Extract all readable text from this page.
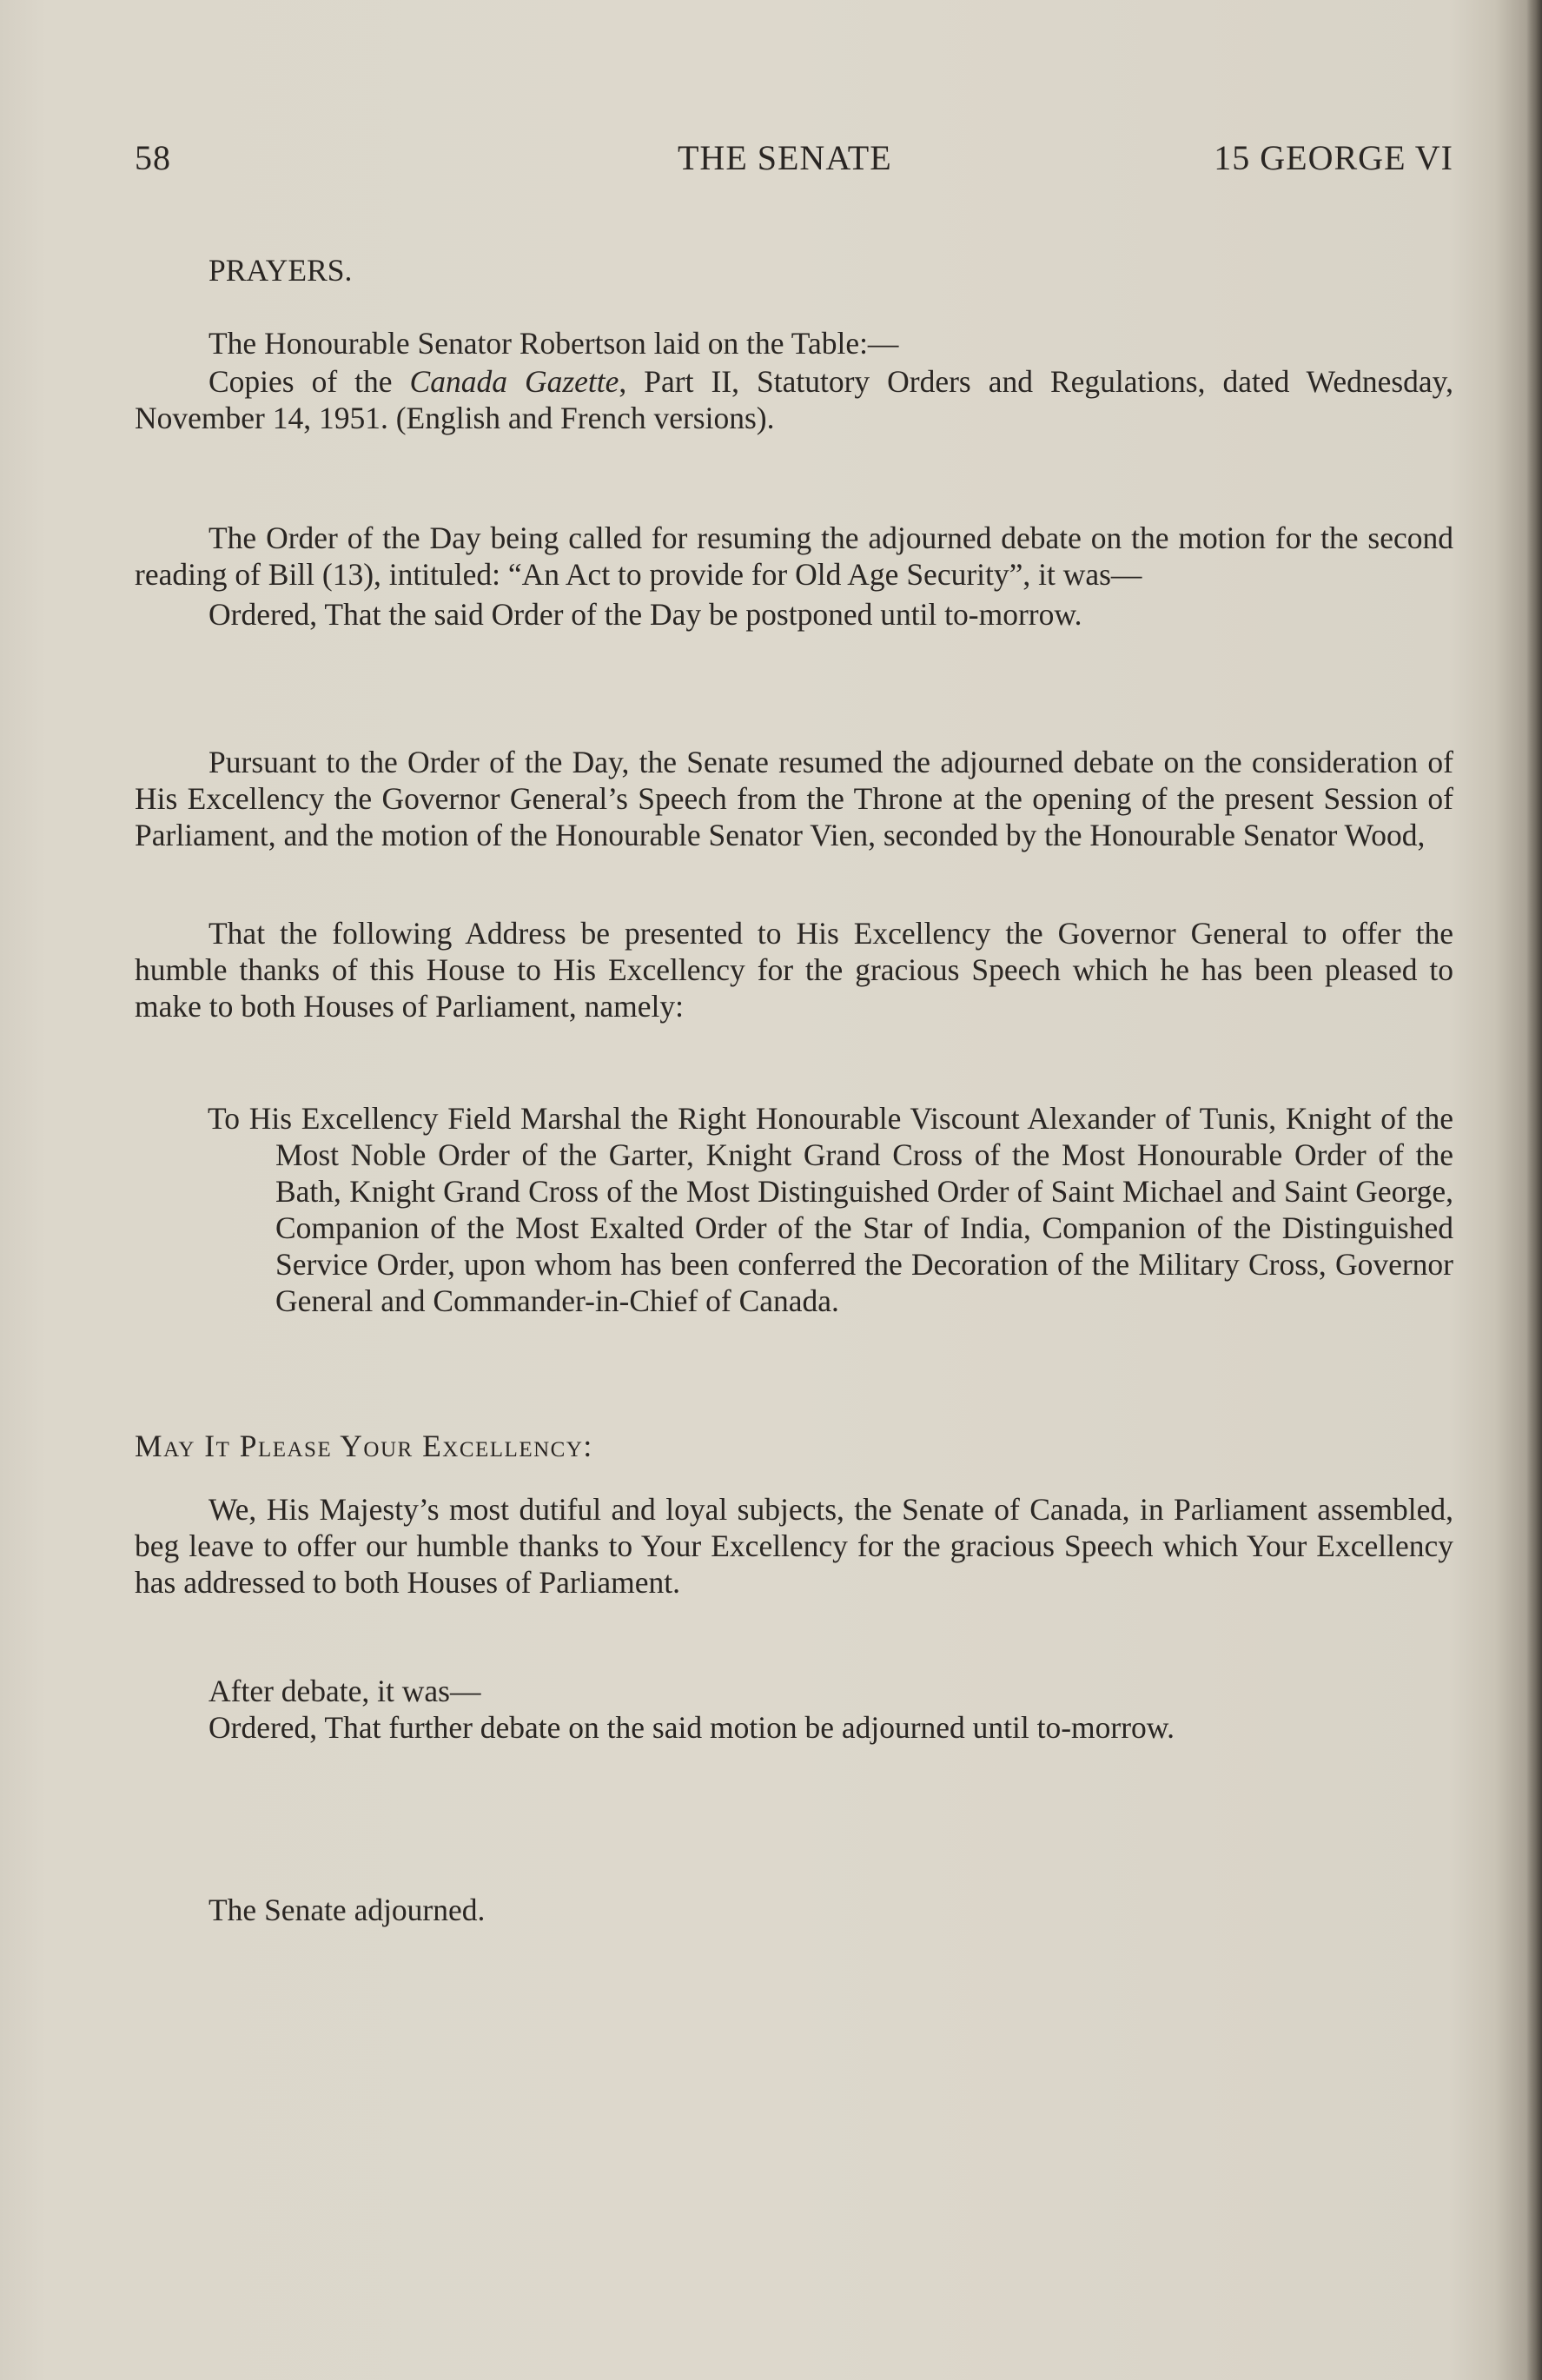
58	THE SENATE	15 GEORGE VI

PRAYERS.

The Honourable Senator Robertson laid on the Table:—

Copies of the Canada Gazette, Part II, Statutory Orders and Regulations, dated Wednesday, November 14, 1951. (English and French versions).

The Order of the Day being called for resuming the adjourned debate on the motion for the second reading of Bill (13), intituled: “An Act to provide for Old Age Security”, it was—

Ordered, That the said Order of the Day be postponed until to-morrow.

Pursuant to the Order of the Day, the Senate resumed the adjourned debate on the consideration of His Excellency the Governor General’s Speech from the Throne at the opening of the present Session of Parliament, and the motion of the Honourable Senator Vien, seconded by the Honourable Senator Wood,

That the following Address be presented to His Excellency the Governor General to offer the humble thanks of this House to His Excellency for the gracious Speech which he has been pleased to make to both Houses of Parliament, namely:

To His Excellency Field Marshal the Right Honourable Viscount Alexander of Tunis, Knight of the Most Noble Order of the Garter, Knight Grand Cross of the Most Honourable Order of the Bath, Knight Grand Cross of the Most Distinguished Order of Saint Michael and Saint George, Companion of the Most Exalted Order of the Star of India, Companion of the Distinguished Service Order, upon whom has been conferred the Decoration of the Military Cross, Governor General and Commander-in-Chief of Canada.

May It Please Your Excellency:

We, His Majesty’s most dutiful and loyal subjects, the Senate of Canada, in Parliament assembled, beg leave to offer our humble thanks to Your Excellency for the gracious Speech which Your Excellency has addressed to both Houses of Parliament.

After debate, it was—

Ordered, That further debate on the said motion be adjourned until to-morrow.

The Senate adjourned.
